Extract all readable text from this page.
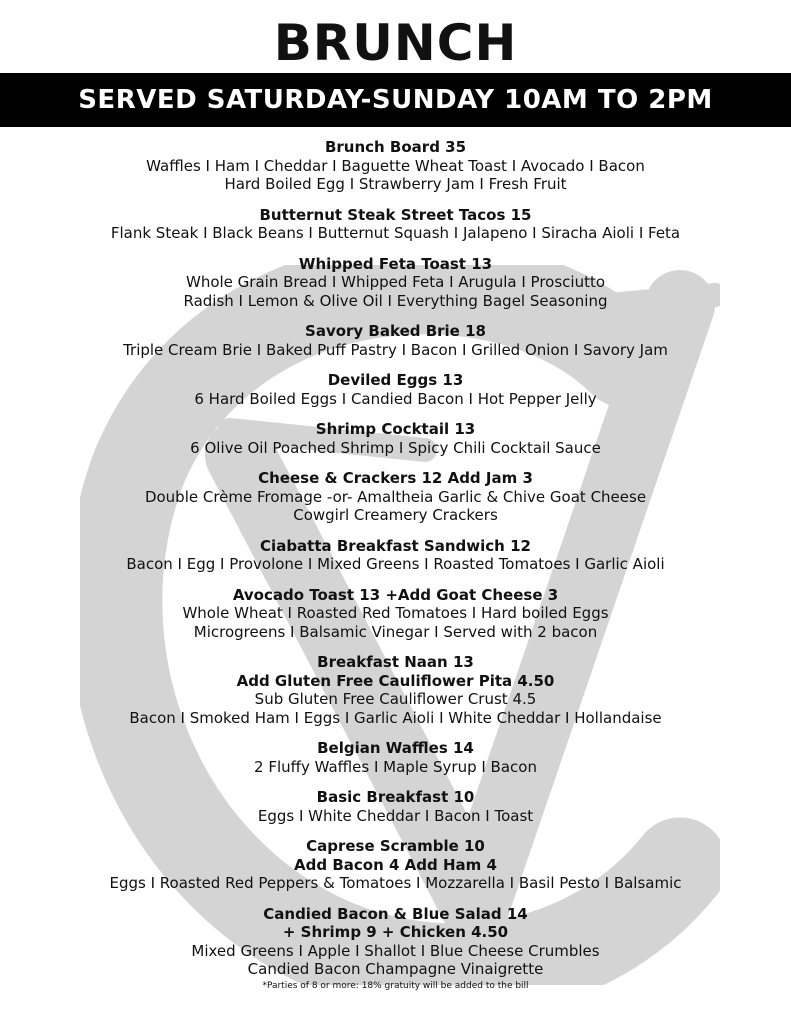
BRUNCH
SERVED SATURDAY-SUNDAY 10AM TO 2PM
Brunch Board 35
Waffles I Ham I Cheddar I Baguette Wheat Toast I Avocado I Bacon
Hard Boiled Egg I Strawberry Jam I Fresh Fruit
Butternut Steak Street Tacos 15
Flank Steak I Black Beans I Butternut Squash I Jalapeno I Siracha Aioli I Feta
Whipped Feta Toast 13
Whole Grain Bread I Whipped Feta I Arugula I Prosciutto
Radish I Lemon & Olive Oil I Everything Bagel Seasoning
Savory Baked Brie 18
Triple Cream Brie I Baked Puff Pastry I Bacon I Grilled Onion I Savory Jam
Deviled Eggs 13
6 Hard Boiled Eggs I Candied Bacon I Hot Pepper Jelly
Shrimp Cocktail 13
6 Olive Oil Poached Shrimp I Spicy Chili Cocktail Sauce
Cheese & Crackers 12 Add Jam 3
Double Crème Fromage -or- Amaltheia Garlic & Chive Goat Cheese
Cowgirl Creamery Crackers
Ciabatta Breakfast Sandwich 12
Bacon I Egg I Provolone I Mixed Greens I Roasted Tomatoes I Garlic Aioli
Avocado Toast 13 +Add Goat Cheese 3
Whole Wheat I Roasted Red Tomatoes I Hard boiled Eggs
Microgreens I Balsamic Vinegar I Served with 2 bacon
Breakfast Naan 13
Add Gluten Free Cauliflower Pita 4.50
Sub Gluten Free Cauliflower Crust 4.5
Bacon I Smoked Ham I Eggs I Garlic Aioli I White Cheddar I Hollandaise
Belgian Waffles 14
2 Fluffy Waffles I Maple Syrup I Bacon
Basic Breakfast 10
Eggs I White Cheddar I Bacon I Toast
Caprese Scramble 10
Add Bacon 4 Add Ham 4
Eggs I Roasted Red Peppers & Tomatoes I Mozzarella I Basil Pesto I Balsamic
Candied Bacon & Blue Salad 14
+ Shrimp 9 + Chicken 4.50
Mixed Greens I Apple I Shallot I Blue Cheese Crumbles
Candied Bacon Champagne Vinaigrette
*Parties of 8 or more: 18% gratuity will be added to the bill
